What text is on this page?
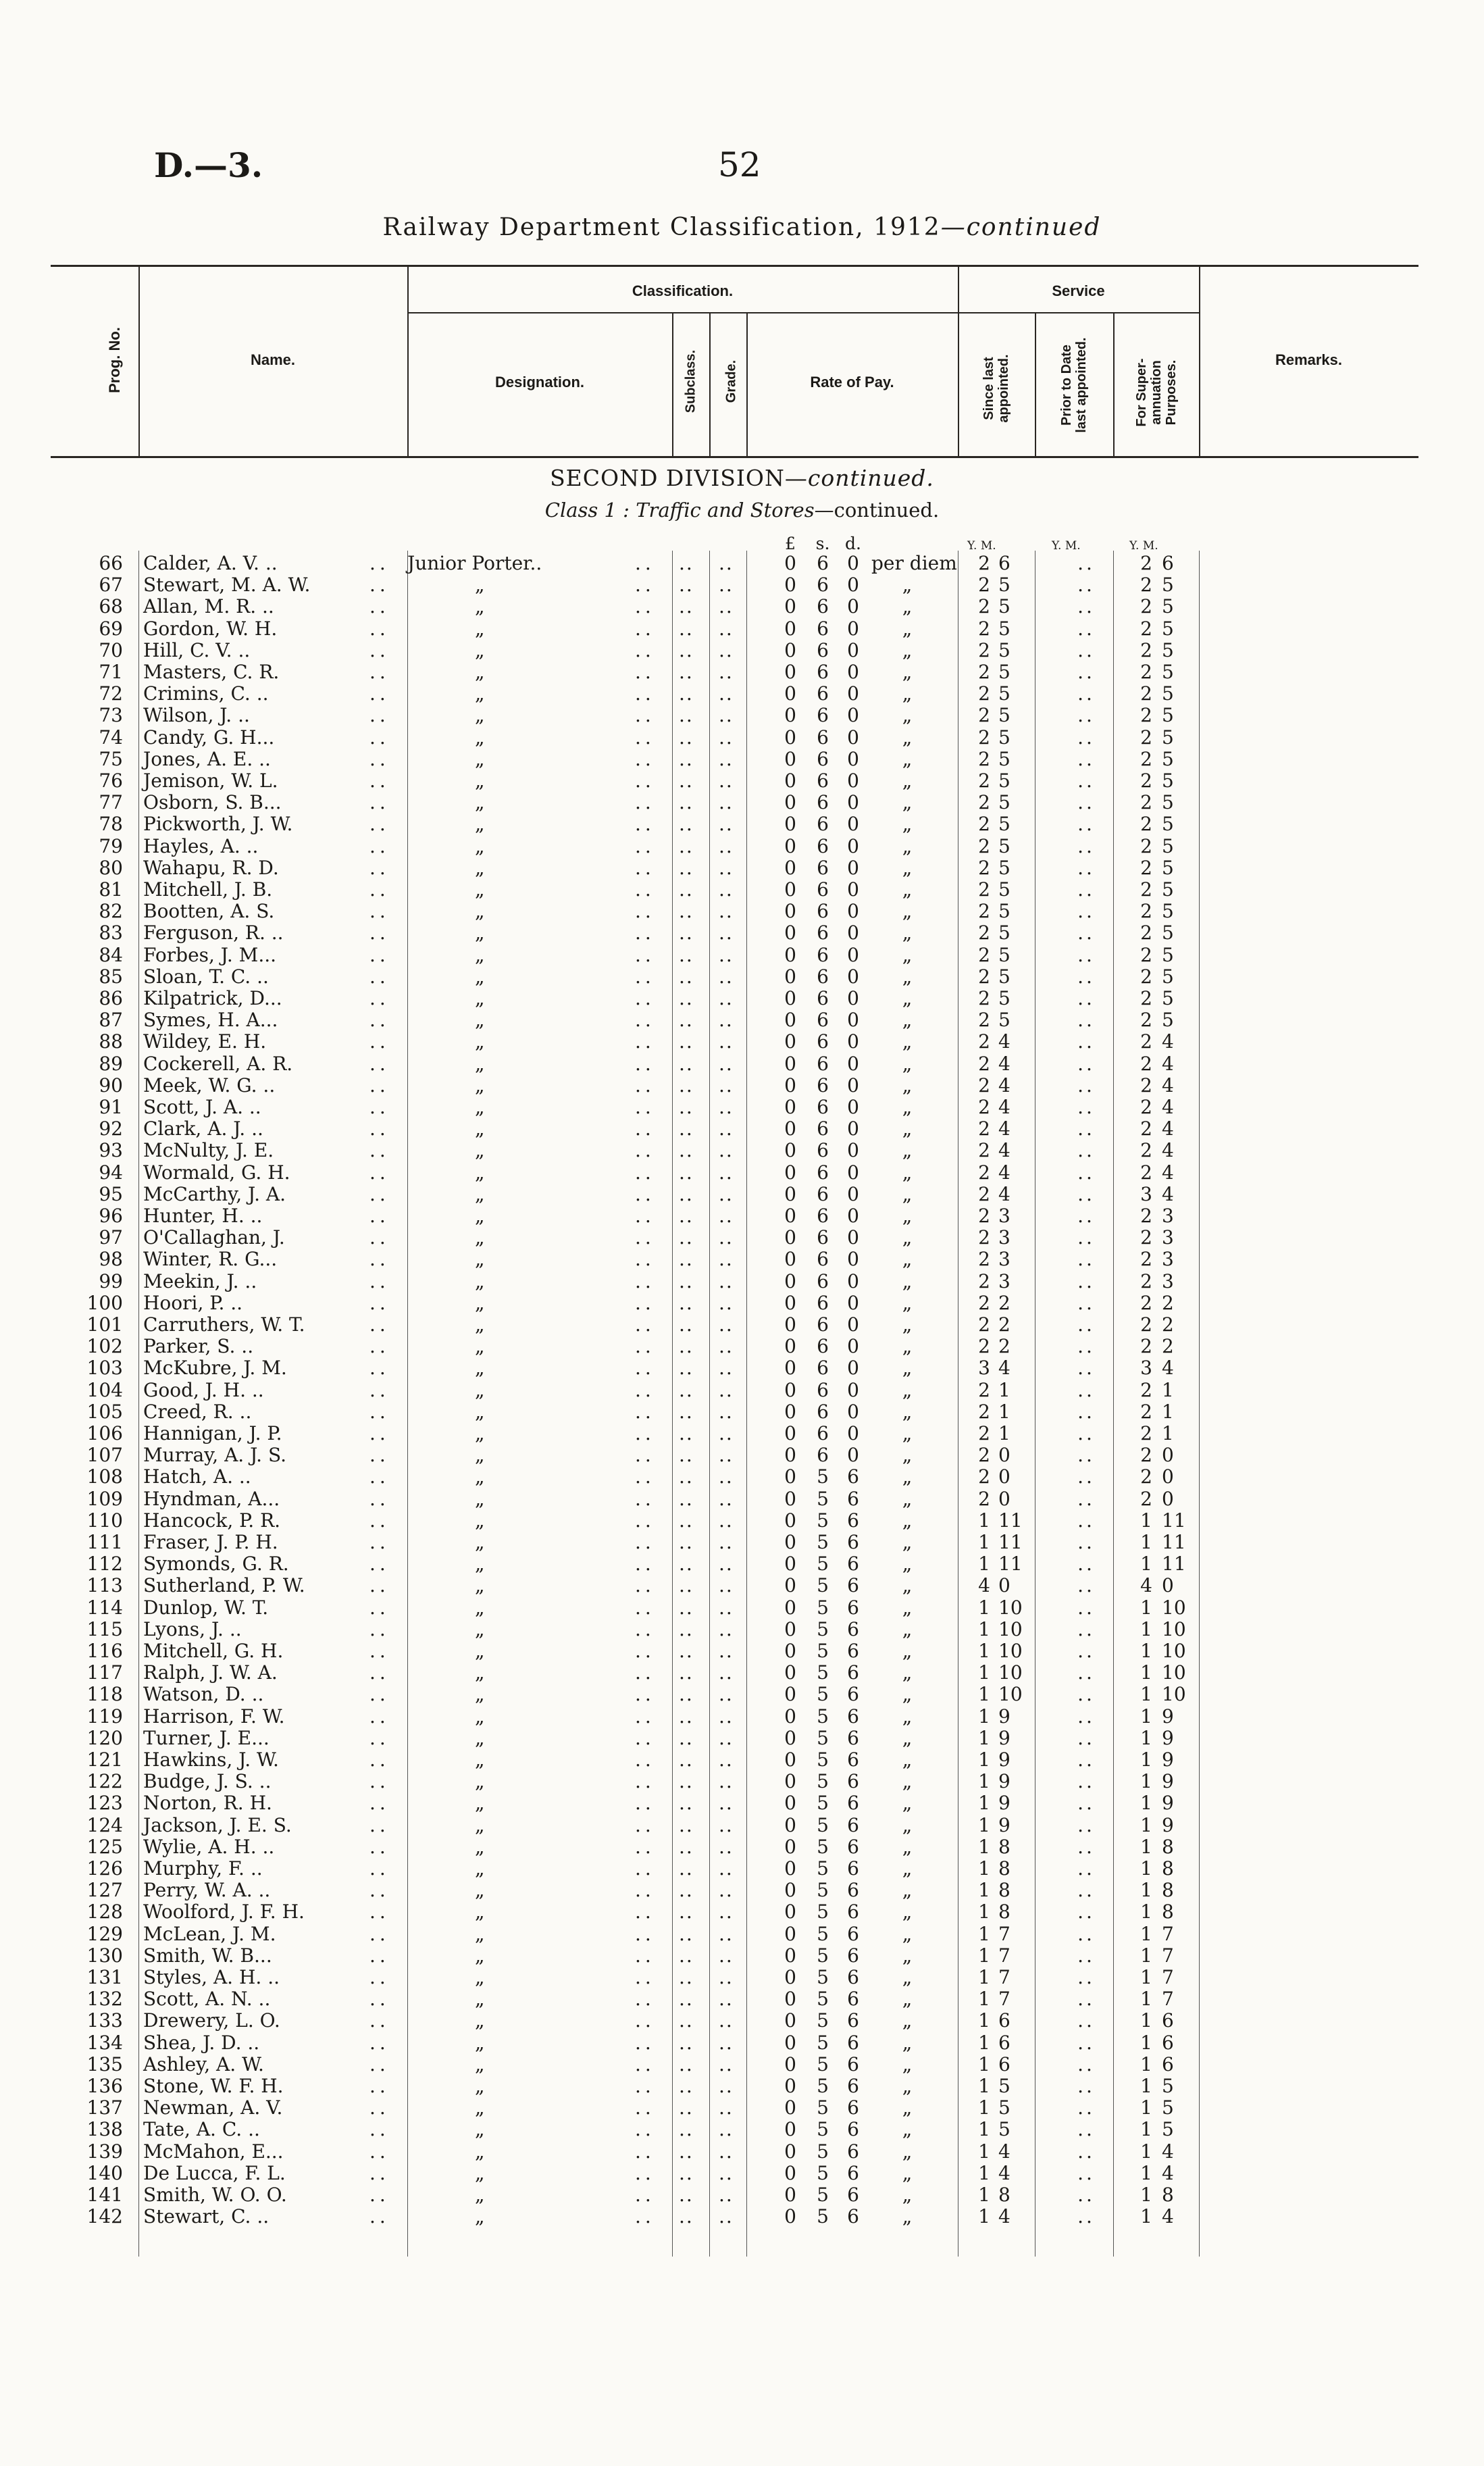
D.—3.	52
Railway Department Classification, 1912—continued
Prog. No.	Name.
Classification.	Service
Designation.	Subclass. Grade.	Rate of Pay.	Since last appointed.	Prior to Date last appointed.	For Super-annuation Purposes.
Remarks.
SECOND DIVISION—continued.
Class 1 : Traffic and Stores—continued.
£	s. d.	Y. M.	Y. M.	Y. M.
66 Calder, A. V. ..	.. Junior Porter..	.. .. ..	0	6 0 per diem	2 6	..	2 6
67 Stewart, M. A. W.	..	„	.. .. ..	0	6 0	„	2 5	..	2 5
68 Allan, M. R. ..	..	„	.. .. ..	0	6 0	„	2 5	..	2 5
69 Gordon, W. H.	..	„	.. .. ..	0	6 0	„	2 5	..	2 5
70 Hill, C. V. ..	..	„	.. .. ..	0	6 0	„	2 5	..	2 5
71 Masters, C. R.	..	„	.. .. ..	0	6 0	„	2 5	..	2 5
72 Crimins, C. ..	..	„	.. .. ..	0	6 0	„	2 5	..	2 5
73 Wilson, J. ..	..	„	.. .. ..	0	6 0	„	2 5	..	2 5
74 Candy, G. H...	..	„	.. .. ..	0	6 0	„	2 5	..	2 5
75 Jones, A. E. ..	..	„	.. .. ..	0	6 0	„	2 5	..	2 5
76 Jemison, W. L.	..	„	.. .. ..	0	6 0	„	2 5	..	2 5
77 Osborn, S. B...	..	„	.. .. ..	0	6 0	„	2 5	..	2 5
78 Pickworth, J. W.	..	„	.. .. ..	0	6 0	„	2 5	..	2 5
79 Hayles, A. ..	..	„	.. .. ..	0	6 0	„	2 5	..	2 5
80 Wahapu, R. D.	..	„	.. .. ..	0	6 0	„	2 5	..	2 5
81 Mitchell, J. B.	..	„	.. .. ..	0	6 0	„	2 5	..	2 5
82 Bootten, A. S.	..	„	.. .. ..	0	6 0	„	2 5	..	2 5
83 Ferguson, R. ..	..	„	.. .. ..	0	6 0	„	2 5	..	2 5
84 Forbes, J. M...	..	„	.. .. ..	0	6 0	„	2 5	..	2 5
85 Sloan, T. C. ..	..	„	.. .. ..	0	6 0	„	2 5	..	2 5
86 Kilpatrick, D...	..	„	.. .. ..	0	6 0	„	2 5	..	2 5
87 Symes, H. A...	..	„	.. .. ..	0	6 0	„	2 5	..	2 5
88 Wildey, E. H.	..	„	.. .. ..	0	6 0	„	2 4	..	2 4
89 Cockerell, A. R.	..	„	.. .. ..	0	6 0	„	2 4	..	2 4
90 Meek, W. G. ..	..	„	.. .. ..	0	6 0	„	2 4	..	2 4
91 Scott, J. A. ..	..	„	.. .. ..	0	6 0	„	2 4	..	2 4
92 Clark, A. J. ..	..	„	.. .. ..	0	6 0	„	2 4	..	2 4
93 McNulty, J. E.	..	„	.. .. ..	0	6 0	„	2 4	..	2 4
94 Wormald, G. H.	..	„	.. .. ..	0	6 0	„	2 4	..	2 4
95 McCarthy, J. A.	..	„	.. .. ..	0	6 0	„	2 4	..	3 4
96 Hunter, H. ..	..	„	.. .. ..	0	6 0	„	2 3	..	2 3
97 O'Callaghan, J.	..	„	.. .. ..	0	6 0	„	2 3	..	2 3
98 Winter, R. G...	..	„	.. .. ..	0	6 0	„	2 3	..	2 3
99 Meekin, J. ..	..	„	.. .. ..	0	6 0	„	2 3	..	2 3
100 Hoori, P. ..	..	„	.. .. ..	0	6 0	„	2 2	..	2 2
101 Carruthers, W. T.	..	„	.. .. ..	0	6 0	„	2 2	..	2 2
102 Parker, S. ..	..	„	.. .. ..	0	6 0	„	2 2	..	2 2
103 McKubre, J. M.	..	„	.. .. ..	0	6 0	„	3 4	..	3 4
104 Good, J. H. ..	..	„	.. .. ..	0	6 0	„	2 1	..	2 1
105 Creed, R. ..	..	„	.. .. ..	0	6 0	„	2 1	..	2 1
106 Hannigan, J. P.	..	„	.. .. ..	0	6 0	„	2 1	..	2 1
107 Murray, A. J. S.	..	„	.. .. ..	0	6 0	„	2 0	..	2 0
108 Hatch, A. ..	..	„	.. .. ..	0	5 6	„	2 0	..	2 0
109 Hyndman, A...	..	„	.. .. ..	0	5 6	„	2 0	..	2 0
110 Hancock, P. R.	..	„	.. .. ..	0	5 6	„	1 11	..	1 11
111 Fraser, J. P. H.	..	„	.. .. ..	0	5 6	„	1 11	..	1 11
112 Symonds, G. R.	..	„	.. .. ..	0	5 6	„	1 11	..	1 11
113 Sutherland, P. W.	..	„	.. .. ..	0	5 6	„	4 0	..	4 0
114 Dunlop, W. T.	..	„	.. .. ..	0	5 6	„	1 10	..	1 10
115 Lyons, J. ..	..	„	.. .. ..	0	5 6	„	1 10	..	1 10
116 Mitchell, G. H.	..	„	.. .. ..	0	5 6	„	1 10	..	1 10
117 Ralph, J. W. A.	..	„	.. .. ..	0	5 6	„	1 10	..	1 10
118 Watson, D. ..	..	„	.. .. ..	0	5 6	„	1 10	..	1 10
119 Harrison, F. W.	..	„	.. .. ..	0	5 6	„	1 9	..	1 9
120 Turner, J. E...	..	„	.. .. ..	0	5 6	„	1 9	..	1 9
121 Hawkins, J. W.	..	„	.. .. ..	0	5 6	„	1 9	..	1 9
122 Budge, J. S. ..	..	„	.. .. ..	0	5 6	„	1 9	..	1 9
123 Norton, R. H.	..	„	.. .. ..	0	5 6	„	1 9	..	1 9
124 Jackson, J. E. S.	..	„	.. .. ..	0	5 6	„	1 9	..	1 9
125 Wylie, A. H. ..	..	„	.. .. ..	0	5 6	„	1 8	..	1 8
126 Murphy, F. ..	..	„	.. .. ..	0	5 6	„	1 8	..	1 8
127 Perry, W. A. ..	..	„	.. .. ..	0	5 6	„	1 8	..	1 8
128 Woolford, J. F. H.	..	„	.. .. ..	0	5 6	„	1 8	..	1 8
129 McLean, J. M.	..	„	.. .. ..	0	5 6	„	1 7	..	1 7
130 Smith, W. B...	..	„	.. .. ..	0	5 6	„	1 7	..	1 7
131 Styles, A. H. ..	..	„	.. .. ..	0	5 6	„	1 7	..	1 7
132 Scott, A. N. ..	..	„	.. .. ..	0	5 6	„	1 7	..	1 7
133 Drewery, L. O.	..	„	.. .. ..	0	5 6	„	1 6	..	1 6
134 Shea, J. D. ..	..	„	.. .. ..	0	5 6	„	1 6	..	1 6
135 Ashley, A. W.	..	„	.. .. ..	0	5 6	„	1 6	..	1 6
136 Stone, W. F. H.	..	„	.. .. ..	0	5 6	„	1 5	..	1 5
137 Newman, A. V.	..	„	.. .. ..	0	5 6	„	1 5	..	1 5
138 Tate, A. C. ..	..	„	.. .. ..	0	5 6	„	1 5	..	1 5
139 McMahon, E...	..	„	.. .. ..	0	5 6	„	1 4	..	1 4
140 De Lucca, F. L.	..	„	.. .. ..	0	5 6	„	1 4	..	1 4
141 Smith, W. O. O.	..	„	.. .. ..	0	5 6	„	1 8	..	1 8
142 Stewart, C. ..	..	„	.. .. ..	0	5 6	„	1 4	..	1 4
